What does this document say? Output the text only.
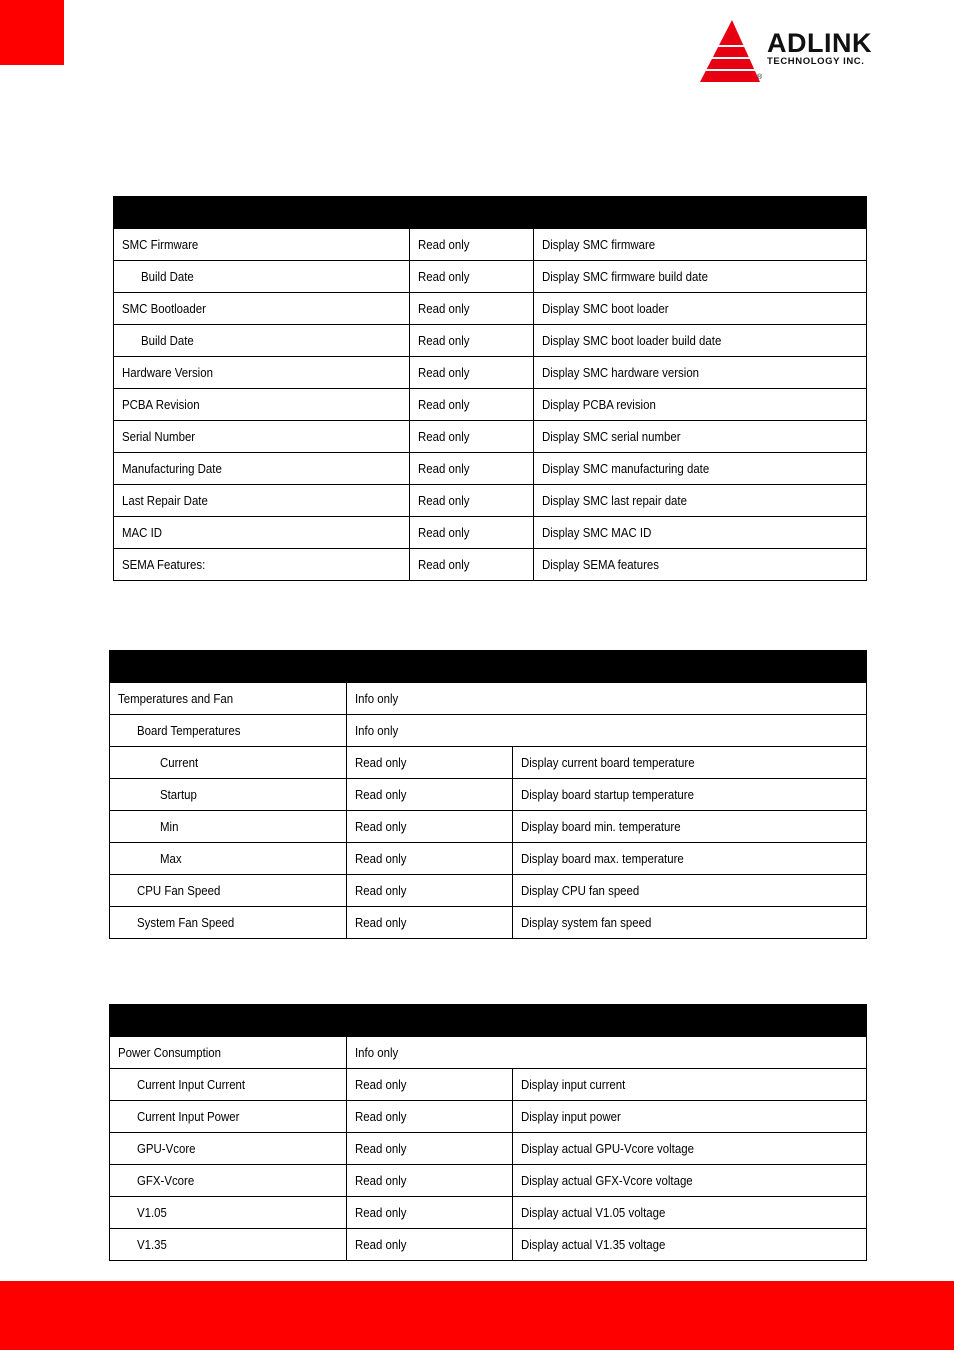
ADLINK
TECHNOLOGY INC.
®

SMC Firmware	Read only	Display SMC firmware
Build Date	Read only	Display SMC firmware build date
SMC Bootloader	Read only	Display SMC boot loader
Build Date	Read only	Display SMC boot loader build date
Hardware Version	Read only	Display SMC hardware version
PCBA Revision	Read only	Display PCBA revision
Serial Number	Read only	Display SMC serial number
Manufacturing Date	Read only	Display SMC manufacturing date
Last Repair Date	Read only	Display SMC last repair date
MAC ID	Read only	Display SMC MAC ID
SEMA Features:	Read only	Display SEMA features

Temperatures and Fan	Info only	
Board Temperatures	Info only	
Current	Read only	Display current board temperature
Startup	Read only	Display board startup temperature
Min	Read only	Display board min. temperature
Max	Read only	Display board max. temperature
CPU Fan Speed	Read only	Display CPU fan speed
System Fan Speed	Read only	Display system fan speed

Power Consumption	Info only	
Current Input Current	Read only	Display input current
Current Input Power	Read only	Display input power
GPU-Vcore	Read only	Display actual GPU-Vcore voltage
GFX-Vcore	Read only	Display actual GFX-Vcore voltage
V1.05	Read only	Display actual V1.05 voltage
V1.35	Read only	Display actual V1.35 voltage
